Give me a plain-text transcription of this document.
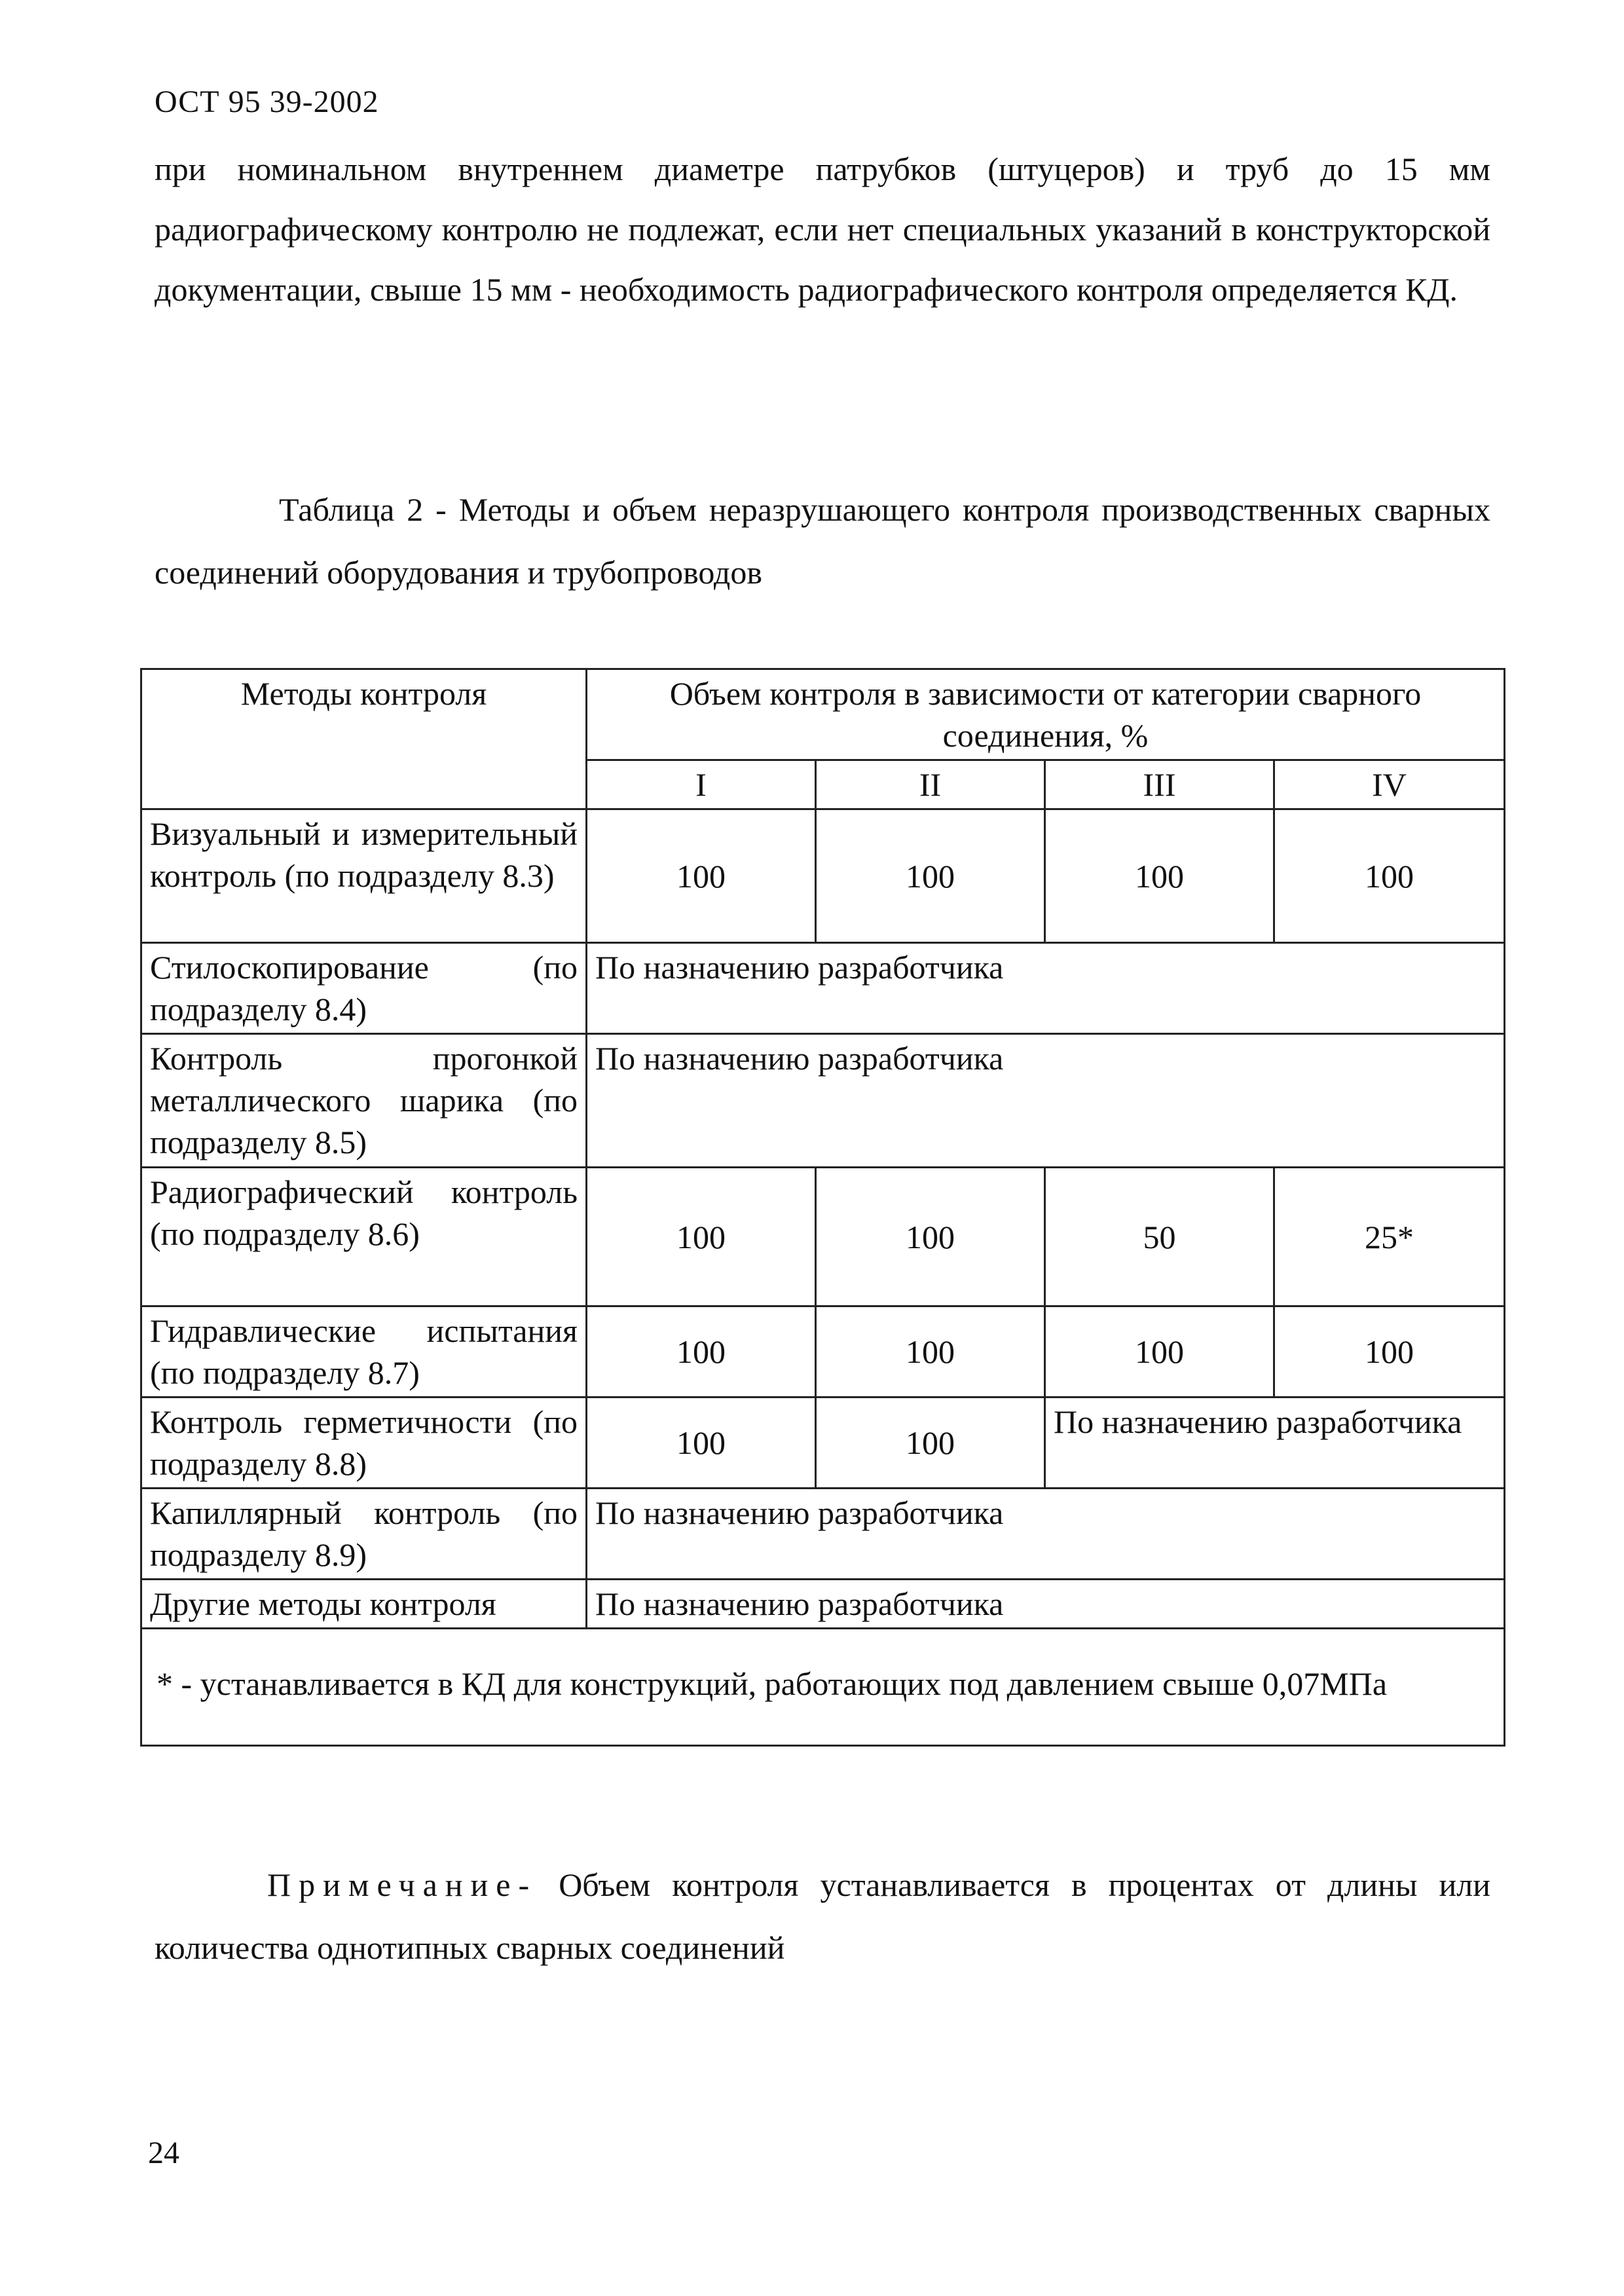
ОСТ 95 39-2002

при номинальном внутреннем диаметре патрубков (штуцеров) и труб до 15 мм радиографическому контролю не подлежат, если нет специальных указаний в конструкторской документации, свыше 15 мм - необходимость радиографического контроля определяется КД.

Таблица 2 - Методы и объем неразрушающего контроля производственных сварных соединений оборудования и трубопроводов

Методы контроля	Объем контроля в зависимости от категории сварного соединения, %			
	I	II	III	IV
Визуальный и измерительный контроль (по подразделу 8.3)	100	100	100	100
Стилоскопирование (по подразделу 8.4)	По назначению разработчика			
Контроль прогонкой металлического шарика (по подразделу 8.5)	По назначению разработчика			
Радиографический контроль (по подразделу 8.6)	100	100	50	25*
Гидравлические испытания (по подразделу 8.7)	100	100	100	100
Контроль герметичности (по подразделу 8.8)	100	100	По назначению разработчика	
Капиллярный контроль (по подразделу 8.9)	По назначению разработчика			
Другие методы контроля	По назначению разработчика			
* - устанавливается в КД для конструкций, работающих под давлением свыше 0,07МПа				

Примечание- Объем контроля устанавливается в процентах от длины или количества однотипных сварных соединений

24
